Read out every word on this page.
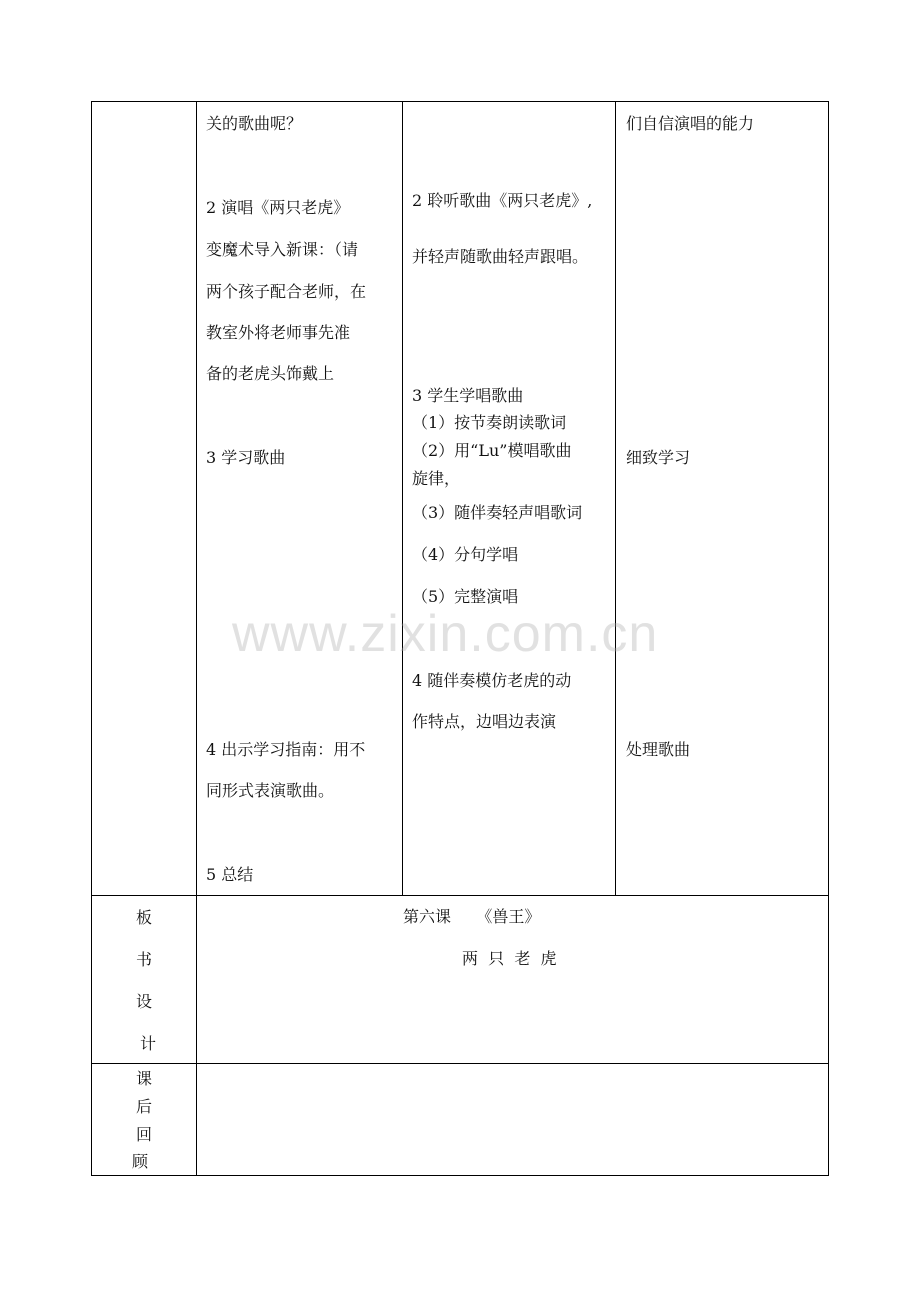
关的歌曲呢？
2 演唱《两只老虎》
变魔术导入新课：（请
两个孩子配合老师，在
教室外将老师事先准
备的老虎头饰戴上
3 学习歌曲
4 出示学习指南：用不
同形式表演歌曲。
5 总结
2 聆听歌曲《两只老虎》,
并轻声随歌曲轻声跟唱。
3 学生学唱歌曲
（1）按节奏朗读歌词
（2）用“Lu”模唱歌曲
旋律，
（3）随伴奏轻声唱歌词
（4）分句学唱
（5）完整演唱
4 随伴奏模仿老虎的动
作特点，边唱边表演
们自信演唱的能力
细致学习
处理歌曲
板
书
设
计
第六课     《兽王》
两  只  老  虎
课
后
回
顾
www.zixin.com.cn
